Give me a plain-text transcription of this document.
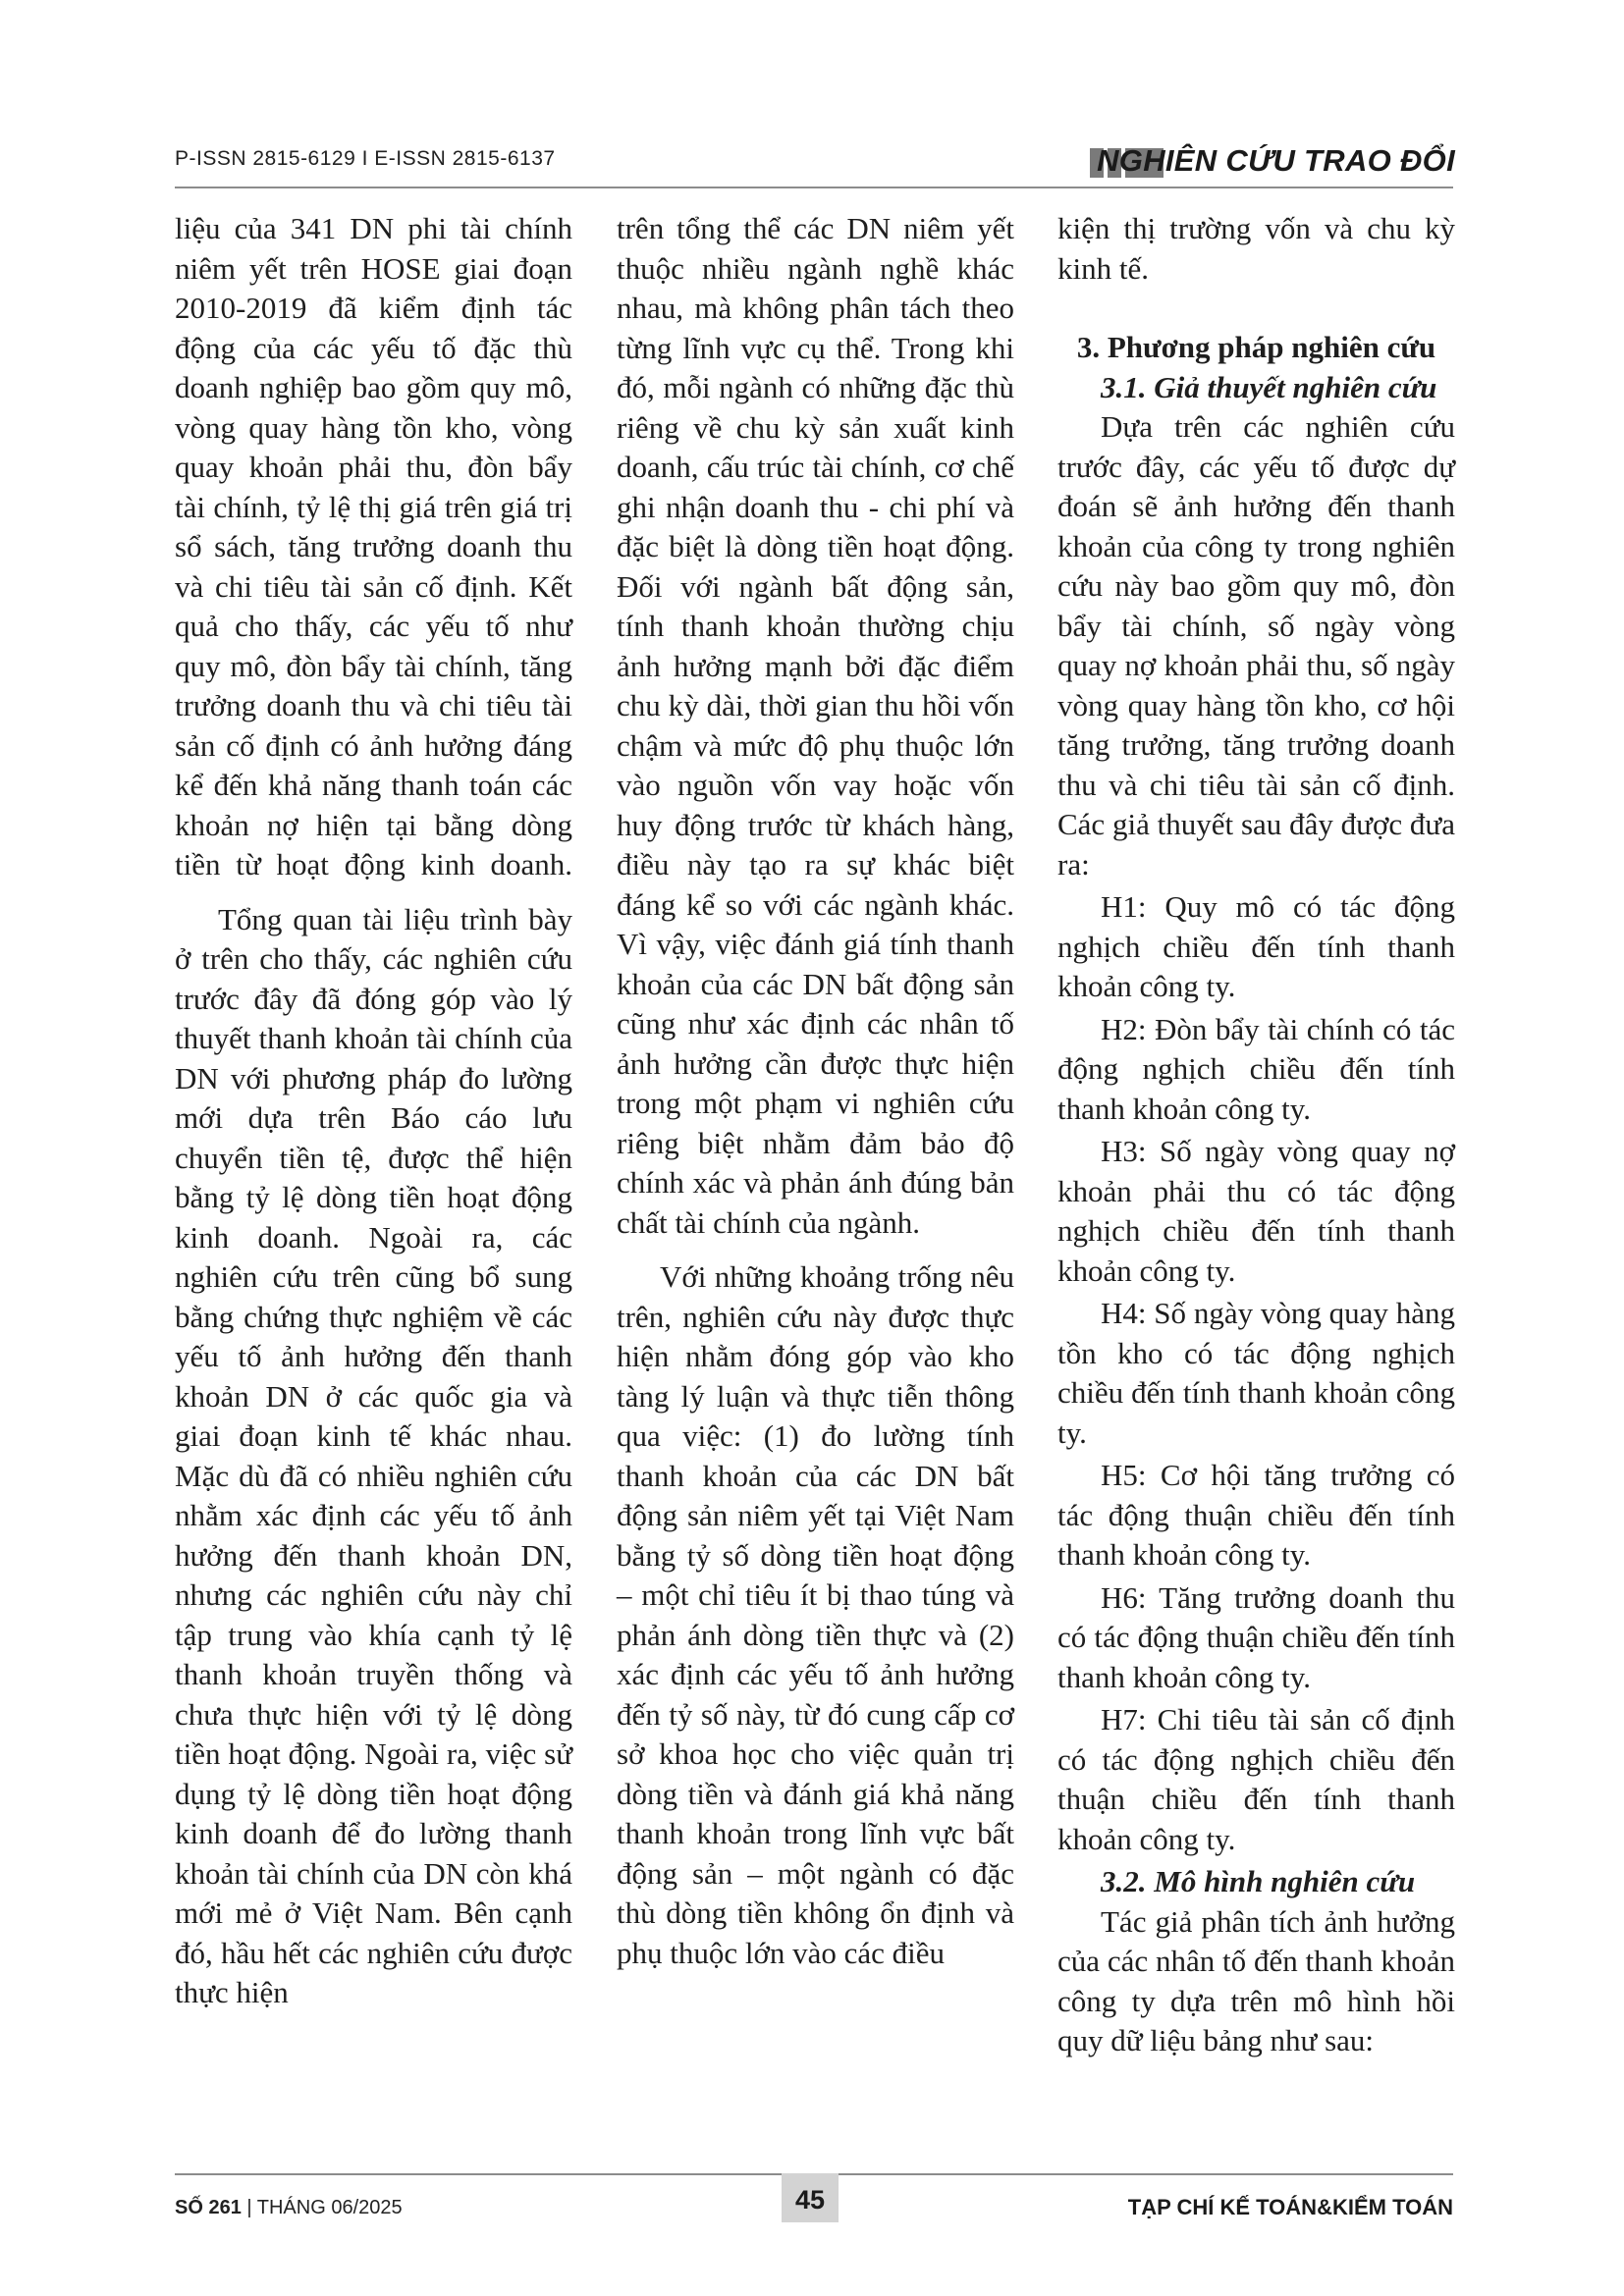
P-ISSN 2815-6129 I E-ISSN 2815-6137	NGHIÊN CỨU TRAO ĐỔI

liệu của 341 DN phi tài chính niêm yết trên HOSE giai đoạn 2010-2019 đã kiểm định tác động của các yếu tố đặc thù doanh nghiệp bao gồm quy mô, vòng quay hàng tồn kho, vòng quay khoản phải thu, đòn bẩy tài chính, tỷ lệ thị giá trên giá trị sổ sách, tăng trưởng doanh thu và chi tiêu tài sản cố định. Kết quả cho thấy, các yếu tố như quy mô, đòn bẩy tài chính, tăng trưởng doanh thu và chi tiêu tài sản cố định có ảnh hưởng đáng kể đến khả năng thanh toán các khoản nợ hiện tại bằng dòng tiền từ hoạt động kinh doanh.

Tổng quan tài liệu trình bày ở trên cho thấy, các nghiên cứu trước đây đã đóng góp vào lý thuyết thanh khoản tài chính của DN với phương pháp đo lường mới dựa trên Báo cáo lưu chuyển tiền tệ, được thể hiện bằng tỷ lệ dòng tiền hoạt động kinh doanh. Ngoài ra, các nghiên cứu trên cũng bổ sung bằng chứng thực nghiệm về các yếu tố ảnh hưởng đến thanh khoản DN ở các quốc gia và giai đoạn kinh tế khác nhau. Mặc dù đã có nhiều nghiên cứu nhằm xác định các yếu tố ảnh hưởng đến thanh khoản DN, nhưng các nghiên cứu này chỉ tập trung vào khía cạnh tỷ lệ thanh khoản truyền thống và chưa thực hiện với tỷ lệ dòng tiền hoạt động. Ngoài ra, việc sử dụng tỷ lệ dòng tiền hoạt động kinh doanh để đo lường thanh khoản tài chính của DN còn khá mới mẻ ở Việt Nam. Bên cạnh đó, hầu hết các nghiên cứu được thực hiện

trên tổng thể các DN niêm yết thuộc nhiều ngành nghề khác nhau, mà không phân tách theo từng lĩnh vực cụ thể. Trong khi đó, mỗi ngành có những đặc thù riêng về chu kỳ sản xuất kinh doanh, cấu trúc tài chính, cơ chế ghi nhận doanh thu - chi phí và đặc biệt là dòng tiền hoạt động. Đối với ngành bất động sản, tính thanh khoản thường chịu ảnh hưởng mạnh bởi đặc điểm chu kỳ dài, thời gian thu hồi vốn chậm và mức độ phụ thuộc lớn vào nguồn vốn vay hoặc vốn huy động trước từ khách hàng, điều này tạo ra sự khác biệt đáng kể so với các ngành khác. Vì vậy, việc đánh giá tính thanh khoản của các DN bất động sản cũng như xác định các nhân tố ảnh hưởng cần được thực hiện trong một phạm vi nghiên cứu riêng biệt nhằm đảm bảo độ chính xác và phản ánh đúng bản chất tài chính của ngành.

Với những khoảng trống nêu trên, nghiên cứu này được thực hiện nhằm đóng góp vào kho tàng lý luận và thực tiễn thông qua việc: (1) đo lường tính thanh khoản của các DN bất động sản niêm yết tại Việt Nam bằng tỷ số dòng tiền hoạt động – một chỉ tiêu ít bị thao túng và phản ánh dòng tiền thực và (2) xác định các yếu tố ảnh hưởng đến tỷ số này, từ đó cung cấp cơ sở khoa học cho việc quản trị dòng tiền và đánh giá khả năng thanh khoản trong lĩnh vực bất động sản – một ngành có đặc thù dòng tiền không ổn định và phụ thuộc lớn vào các điều

kiện thị trường vốn và chu kỳ kinh tế.

3. Phương pháp nghiên cứu

3.1. Giả thuyết nghiên cứu

Dựa trên các nghiên cứu trước đây, các yếu tố được dự đoán sẽ ảnh hưởng đến thanh khoản của công ty trong nghiên cứu này bao gồm quy mô, đòn bẩy tài chính, số ngày vòng quay nợ khoản phải thu, số ngày vòng quay hàng tồn kho, cơ hội tăng trưởng, tăng trưởng doanh thu và chi tiêu tài sản cố định. Các giả thuyết sau đây được đưa ra:

H1: Quy mô có tác động nghịch chiều đến tính thanh khoản công ty.

H2: Đòn bẩy tài chính có tác động nghịch chiều đến tính thanh khoản công ty.

H3: Số ngày vòng quay nợ khoản phải thu có tác động nghịch chiều đến tính thanh khoản công ty.

H4: Số ngày vòng quay hàng tồn kho có tác động nghịch chiều đến tính thanh khoản công ty.

H5: Cơ hội tăng trưởng có tác động thuận chiều đến tính thanh khoản công ty.

H6: Tăng trưởng doanh thu có tác động thuận chiều đến tính thanh khoản công ty.

H7: Chi tiêu tài sản cố định có tác động nghịch chiều đến thuận chiều đến tính thanh khoản công ty.

3.2. Mô hình nghiên cứu

Tác giả phân tích ảnh hưởng của các nhân tố đến thanh khoản công ty dựa trên mô hình hồi quy dữ liệu bảng như sau:

SỐ 261 | THÁNG 06/2025	45	TẠP CHÍ KẾ TOÁN&KIỂM TOÁN
